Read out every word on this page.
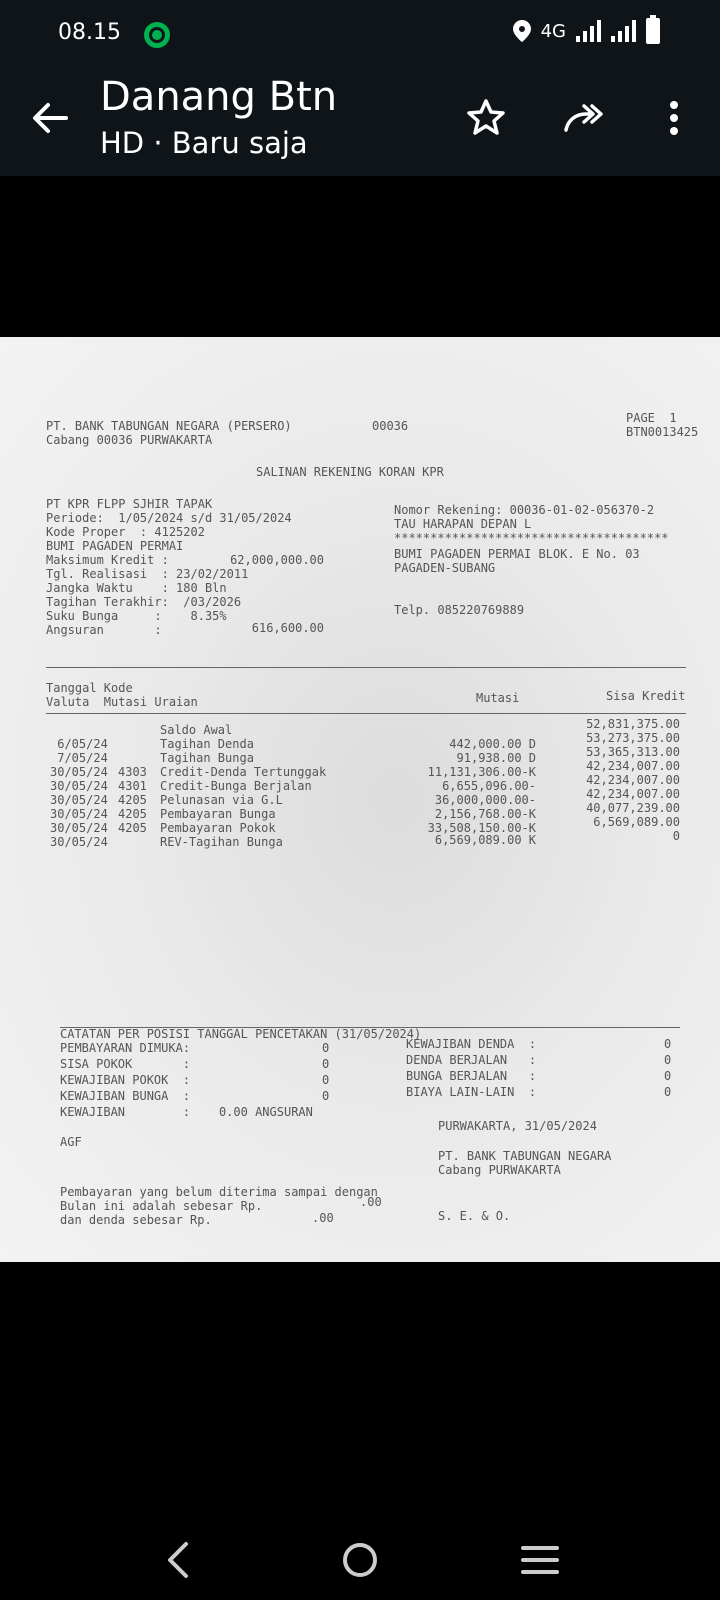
08.15	4G
Danang Btn
HD · Baru saja
PT. BANK TABUNGAN NEGARA (PERSERO)	00036
Cabang 00036 PURWAKARTA
PAGE  1
BTN0013425
SALINAN REKENING KORAN KPR
PT KPR FLPP SJHIR TAPAK
Periode:  1/05/2024 s/d 31/05/2024
Kode Proper  : 4125202
BUMI PAGADEN PERMAI
Maksimum Kredit :	62,000,000.00
Tgl. Realisasi  : 23/02/2011
Jangka Waktu    : 180 Bln
Tagihan Terakhir:  /03/2026
Suku Bunga     :    8.35%
Angsuran       :	616,600.00
Nomor Rekening: 00036-01-02-056370-2
TAU HARAPAN DEPAN L
**************************************
BUMI PAGADEN PERMAI BLOK. E No. 03
PAGADEN-SUBANG
Telp. 085220769889
Tanggal Kode
Valuta  Mutasi Uraian	Mutasi	Sisa Kredit
Saldo Awal	52,831,375.00
6/05/24	Tagihan Denda	442,000.00 D	53,273,375.00
7/05/24	Tagihan Bunga	91,938.00 D	53,365,313.00
30/05/24 4303 Credit-Denda Tertunggak	11,131,306.00-K	42,234,007.00
30/05/24 4301 Credit-Bunga Berjalan	6,655,096.00-	42,234,007.00
30/05/24 4205 Pelunasan via G.L	36,000,000.00-	42,234,007.00
30/05/24 4205 Pembayaran Bunga	2,156,768.00-K	40,077,239.00
30/05/24 4205 Pembayaran Pokok	33,508,150.00-K	6,569,089.00
30/05/24	REV-Tagihan Bunga	6,569,089.00 K	0
CATATAN PER POSISI TANGGAL PENCETAKAN (31/05/2024)
PEMBAYARAN DIMUKA:	0
SISA POKOK       :	0
KEWAJIBAN POKOK  :	0
KEWAJIBAN BUNGA  :	0
KEWAJIBAN        :    0.00 ANGSURAN
KEWAJIBAN DENDA  :	0
DENDA BERJALAN   :	0
BUNGA BERJALAN   :	0
BIAYA LAIN-LAIN  :	0
AGF
PURWAKARTA, 31/05/2024
PT. BANK TABUNGAN NEGARA
Cabang PURWAKARTA
Pembayaran yang belum diterima sampai dengan
Bulan ini adalah sebesar Rp.	.00
dan denda sebesar Rp.	.00	S. E. & O.
